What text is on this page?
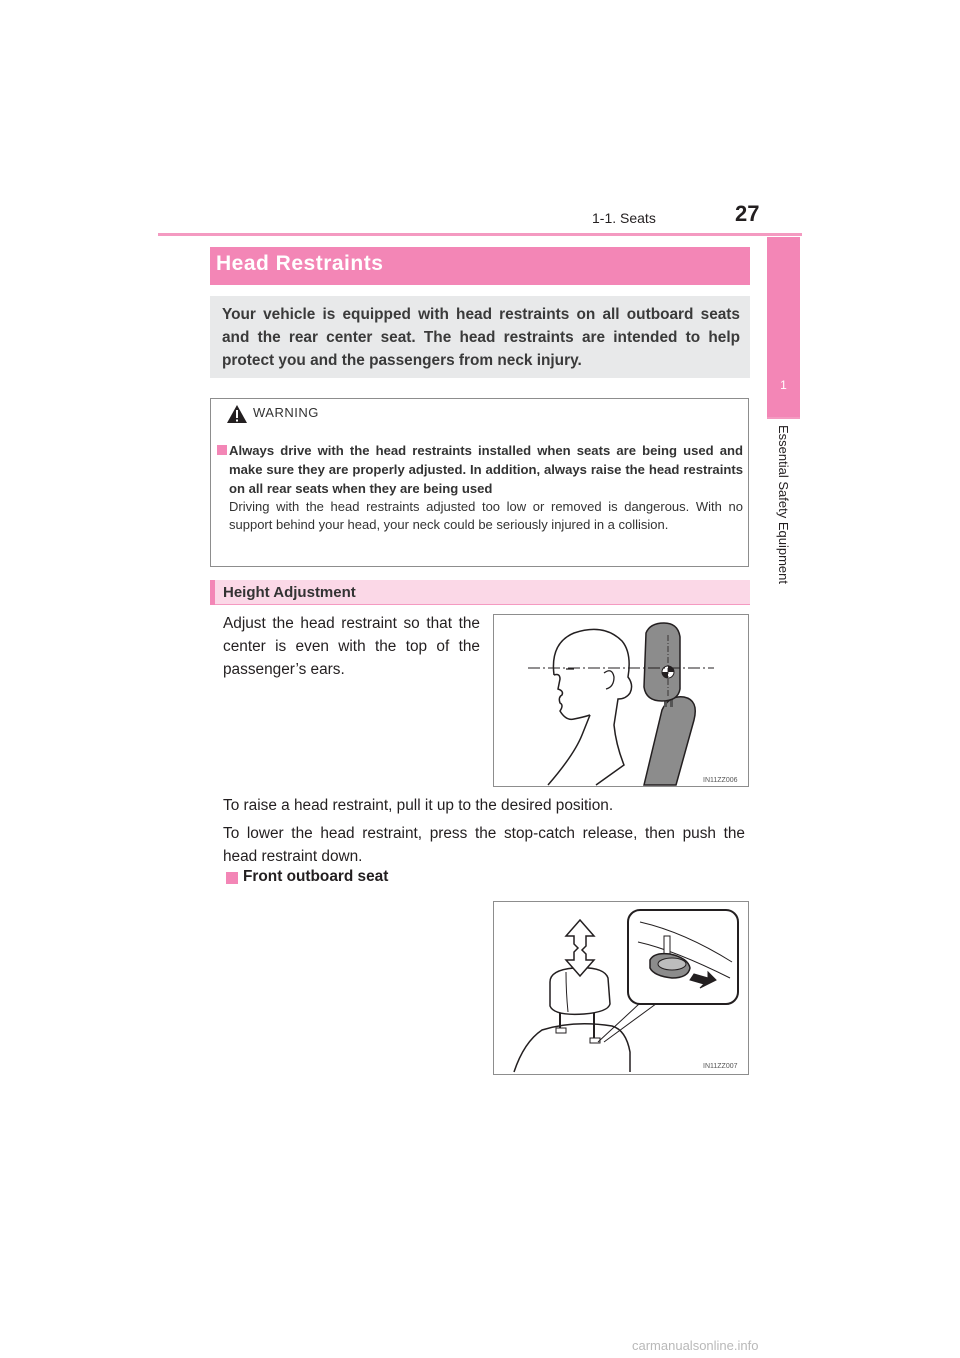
27
1-1. Seats
1
Essential Safety Equipment
Head Restraints
Your vehicle is equipped with head restraints on all outboard seats and the rear center seat. The head restraints are intended to help protect you and the passengers from neck injury.
WARNING
Always drive with the head restraints installed when seats are being used and make sure they are properly adjusted. In addition, always raise the head restraints on all rear seats when they are being used
Driving with the head restraints adjusted too low or removed is dangerous. With no support behind your head, your neck could be seriously injured in a collision.
Height Adjustment
Adjust the head restraint so that the center is even with the top of the passenger’s ears.
IN11ZZ006
To raise a head restraint, pull it up to the desired position.
To lower the head restraint, press the stop-catch release, then push the head restraint down.
Front outboard seat
IN11ZZ007
carmanualsonline.info
